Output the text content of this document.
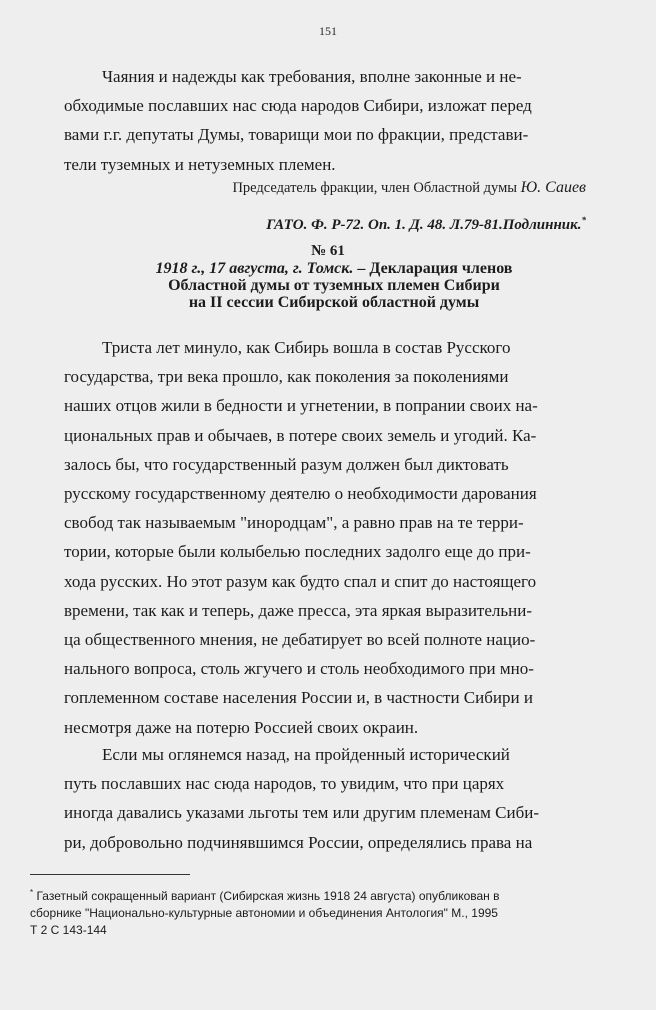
151

Чаяния и надежды как требования, вполне законные и не-

обходимые пославших нас сюда народов Сибири, изложат перед

вами г.г. депутаты Думы, товарищи мои по фракции, представи-

тели туземных и нетуземных племен.

Председатель фракции, член Областной думы Ю. Саиев
ГАТО. Ф. Р-72. Оп. 1. Д. 48. Л.79-81.Подлинник.*
№ 61
1918 г., 17 августа, г. Томск. – Декларация членов
Областной думы от туземных племен Сибири
на II сессии Сибирской областной думы

Триста лет минуло, как Сибирь вошла в состав Русского

государства, три века прошло, как поколения за поколениями

наших отцов жили в бедности и угнетении, в попрании своих на-

циональных прав и обычаев, в потере своих земель и угодий. Ка-

залось бы, что государственный разум должен был диктовать

русскому государственному деятелю о необходимости дарования

свобод так называемым "инородцам", а равно прав на те терри-

тории, которые были колыбелью последних задолго еще до при-

хода русских. Но этот разум как будто спал и спит до настоящего

времени, так как и теперь, даже пресса, эта яркая выразительни-

ца общественного мнения, не дебатирует во всей полноте нацио-

нального вопроса, столь жгучего и столь необходимого при мно-

гоплеменном составе населения России и, в частности Сибири и

несмотря даже на потерю Россией своих окраин.

Если мы оглянемся назад, на пройденный исторический

путь пославших нас сюда народов, то увидим, что при царях

иногда давались указами льготы тем или другим племенам Сиби-

ри, добровольно подчинявшимся России, определялись права на

* Газетный сокращенный вариант (Сибирская жизнь 1918 24 августа) опубликован в
сборнике "Национально-культурные автономии и объединения Антология" М., 1995
Т 2 С 143-144
